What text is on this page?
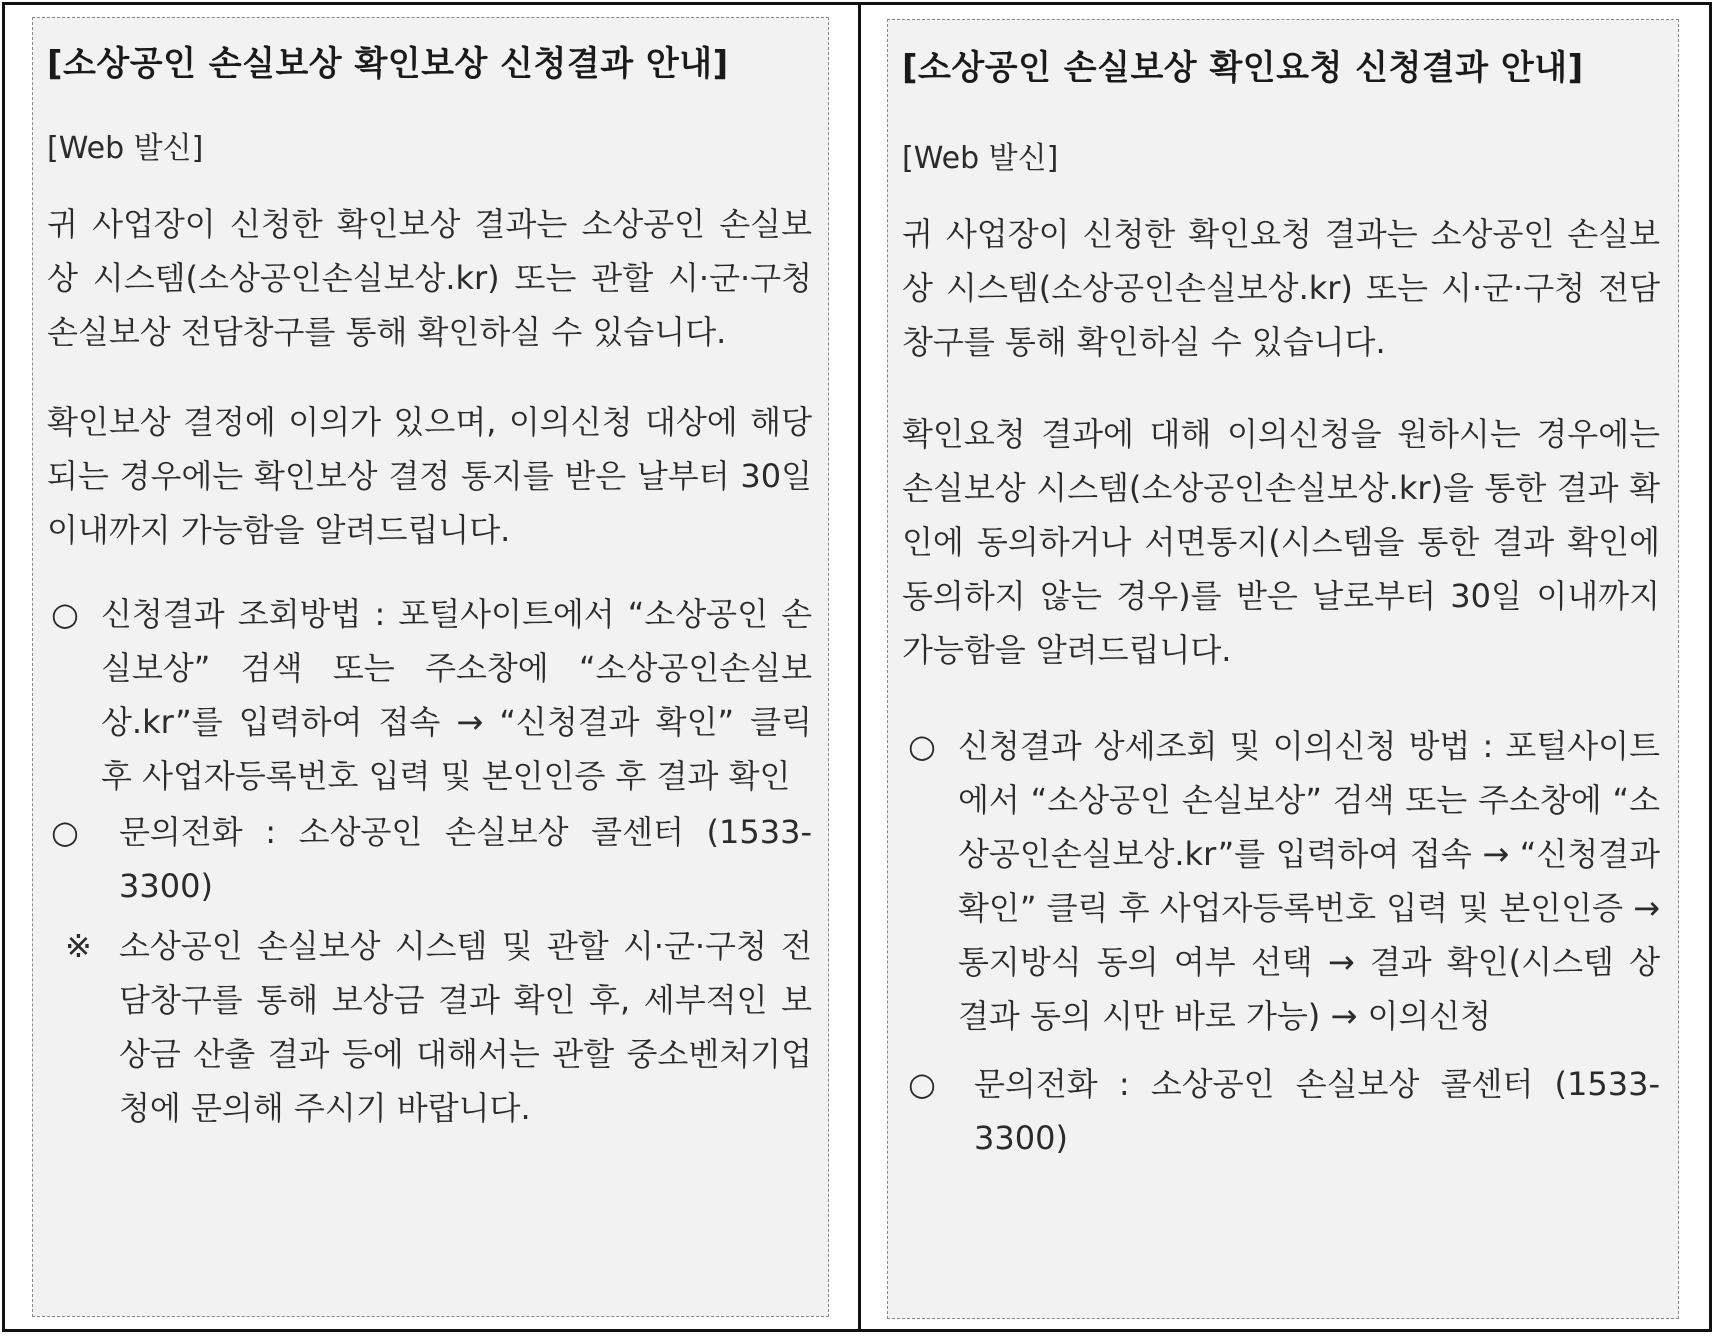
[소상공인 손실보상 확인보상 신청결과 안내]

[Web 발신]

귀 사업장이 신청한 확인보상 결과는 소상공인 손실보상 시스템(소상공인손실보상.kr) 또는 관할 시·군·구청 손실보상 전담창구를 통해 확인하실 수 있습니다.

확인보상 결정에 이의가 있으며, 이의신청 대상에 해당되는 경우에는 확인보상 결정 통지를 받은 날부터 30일 이내까지 가능함을 알려드립니다.

○ 신청결과 조회방법 : 포털사이트에서 “소상공인 손실보상” 검색 또는 주소창에 “소상공인손실보상.kr”를 입력하여 접속 → “신청결과 확인” 클릭 후 사업자등록번호 입력 및 본인인증 후 결과 확인
○	문의전화 : 소상공인 손실보상 콜센터 (1533-3300)
※ 소상공인 손실보상 시스템 및 관할 시·군·구청 전담창구를 통해 보상금 결과 확인 후, 세부적인 보상금 산출 결과 등에 대해서는 관할 중소벤처기업청에 문의해 주시기 바랍니다.

[소상공인 손실보상 확인요청 신청결과 안내]

[Web 발신]

귀 사업장이 신청한 확인요청 결과는 소상공인 손실보상 시스템(소상공인손실보상.kr) 또는 시·군·구청 전담창구를 통해 확인하실 수 있습니다.

확인요청 결과에 대해 이의신청을 원하시는 경우에는 손실보상 시스템(소상공인손실보상.kr)을 통한 결과 확인에 동의하거나 서면통지(시스템을 통한 결과 확인에 동의하지 않는 경우)를 받은 날로부터 30일 이내까지 가능함을 알려드립니다.

○ 신청결과 상세조회 및 이의신청 방법 : 포털사이트에서 “소상공인 손실보상” 검색 또는 주소창에 “소상공인손실보상.kr”를 입력하여 접속 → “신청결과 확인” 클릭 후 사업자등록번호 입력 및 본인인증 → 통지방식 동의 여부 선택 → 결과 확인(시스템 상 결과 동의 시만 바로 가능) → 이의신청
○	문의전화 : 소상공인 손실보상 콜센터 (1533-3300)
